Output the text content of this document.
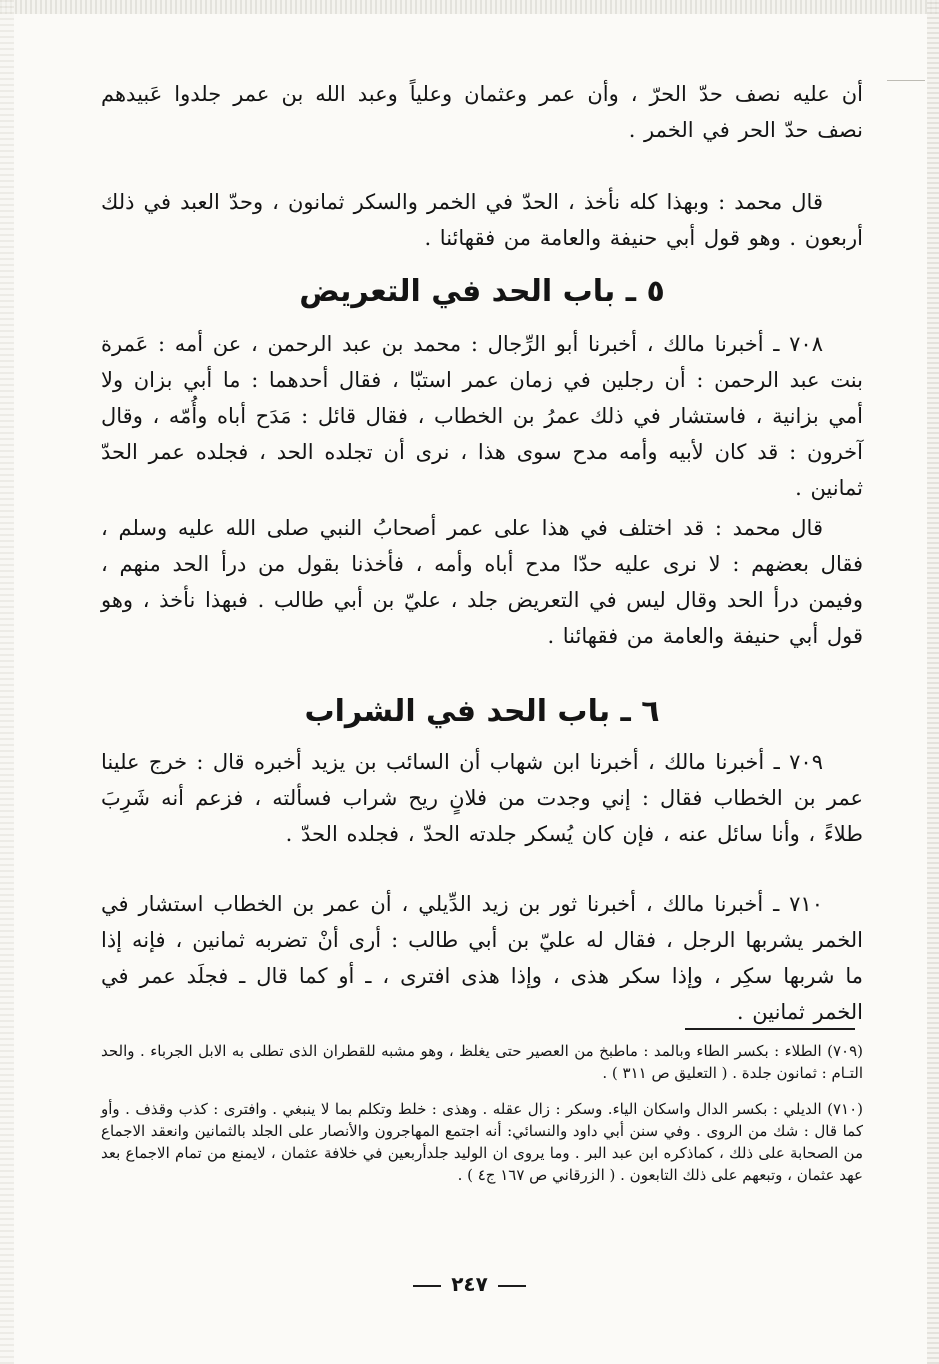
أن عليه نصف حدّ الحرّ ، وأن عمر وعثمان وعلياً وعبد الله بن عمر جلدوا عَبيدهم نصف حدّ الحر في الخمر .

قال محمد : وبهذا كله نأخذ ، الحدّ في الخمر والسكر ثمانون ، وحدّ العبد في ذلك أربعون . وهو قول أبي حنيفة والعامة من فقهائنا .

٥ ـ باب الحد في التعريض

٧٠٨ ـ أخبرنا مالك ، أخبرنا أبو الرِّجال : محمد بن عبد الرحمن ، عن أمه : عَمرة بنت عبد الرحمن : أن رجلين في زمان عمر استبّا ، فقال أحدهما : ما أبي بزان ولا أمي بزانية ، فاستشار في ذلك عمرُ بن الخطاب ، فقال قائل : مَدَح أباه وأُمّه ، وقال آخرون : قد كان لأبيه وأمه مدح سوى هذا ، نرى أن تجلده الحد ، فجلده عمر الحدّ ثمانين .

قال محمد : قد اختلف في هذا على عمر أصحابُ النبي صلى الله عليه وسلم ، فقال بعضهم : لا نرى عليه حدّا مدح أباه وأمه ، فأخذنا بقول من درأ الحد منهم ، وفيمن درأ الحد وقال ليس في التعريض جلد ، عليّ بن أبي طالب . فبهذا نأخذ ، وهو قول أبي حنيفة والعامة من فقهائنا .

٦ ـ باب الحد في الشراب

٧٠٩ ـ أخبرنا مالك ، أخبرنا ابن شهاب أن السائب بن يزيد أخبره قال : خرج علينا عمر بن الخطاب فقال : إني وجدت من فلانٍ ريح شراب فسألته ، فزعم أنه شَرِبَ طلاءً ، وأنا سائل عنه ، فإن كان يُسكر جلدته الحدّ ، فجلده الحدّ .

٧١٠ ـ أخبرنا مالك ، أخبرنا ثور بن زيد الدِّيلي ، أن عمر بن الخطاب استشار في الخمر يشربها الرجل ، فقال له عليّ بن أبي طالب : أرى أنْ تضربه ثمانين ، فإنه إذا ما شربها سكِر ، وإذا سكر هذى ، وإذا هذى افترى ، ـ أو كما قال ـ فجلَد عمر في الخمر ثمانين .

(٧٠٩) الطلاء : بكسر الطاء وبالمد : ماطبخ من العصير حتى يغلظ ، وهو مشبه للقطران الذى تطلى به الابل الجرباء . والحد التـام : ثمانون جلدة . ( التعليق ص ٣١١ ) .

(٧١٠) الديلي : بكسر الدال واسكان الياء. وسكر : زال عقله . وهذى : خلط وتكلم بما لا ينبغي . وافترى : كذب وقذف . وأو كما قال : شك من الروى . وفي سنن أبي داود والنسائي: أنه اجتمع المهاجرون والأنصار على الجلد بالثمانين وانعقد الاجماع من الصحابة على ذلك ، كماذكره ابن عبد البر . وما يروى ان الوليد جلدأربعين في خلافة عثمان ، لايمنع من تمام الاجماع بعد عهد عثمان ، وتبعهم على ذلك التابعون . ( الزرقاني ص ١٦٧ ج٤ ) .

٢٤٧
